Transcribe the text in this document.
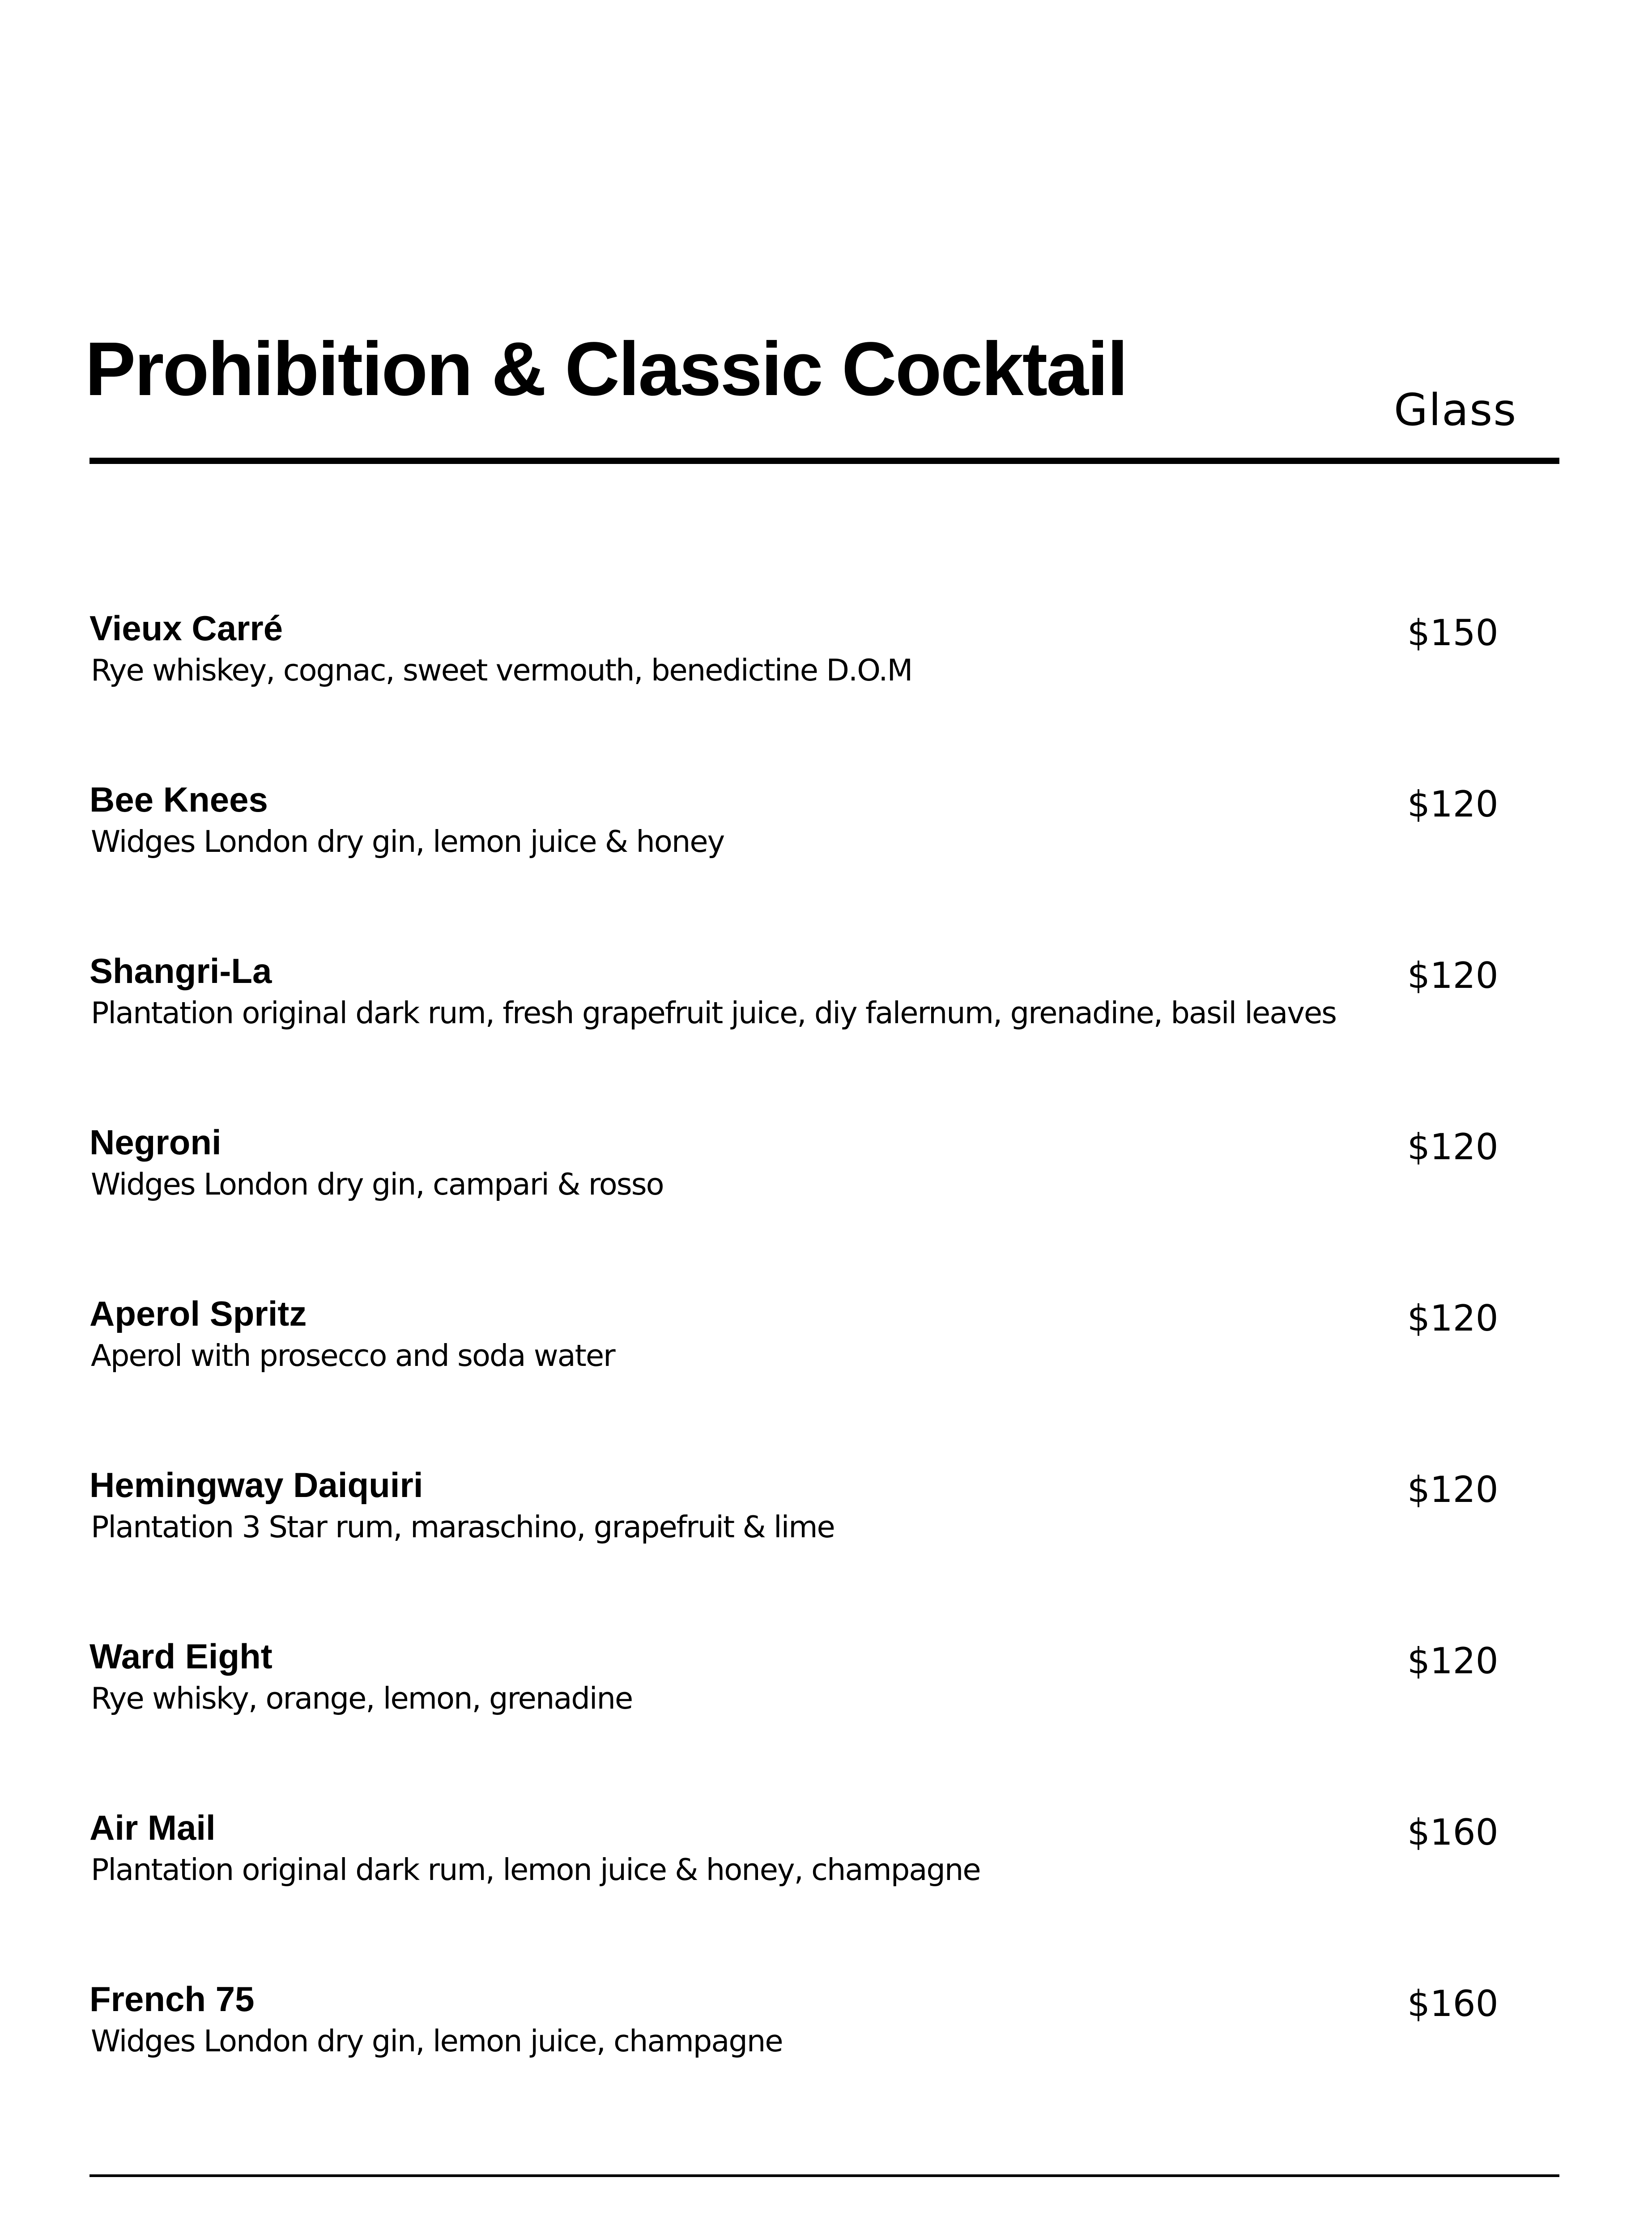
Prohibition & Classic Cocktail	Glass
Vieux Carré
Rye whiskey, cognac, sweet vermouth, benedictine D.O.M
$150
Bee Knees
Widges London dry gin, lemon juice & honey
$120
Shangri-La
Plantation original dark rum, fresh grapefruit juice, diy falernum, grenadine, basil leaves
$120
Negroni
Widges London dry gin, campari & rosso
$120
Aperol Spritz
Aperol with prosecco and soda water
$120
Hemingway Daiquiri
Plantation 3 Star rum, maraschino, grapefruit & lime
$120
Ward Eight
Rye whisky, orange, lemon, grenadine
$120
Air Mail
Plantation original dark rum, lemon juice & honey, champagne
$160
French 75
Widges London dry gin, lemon juice, champagne
$160
